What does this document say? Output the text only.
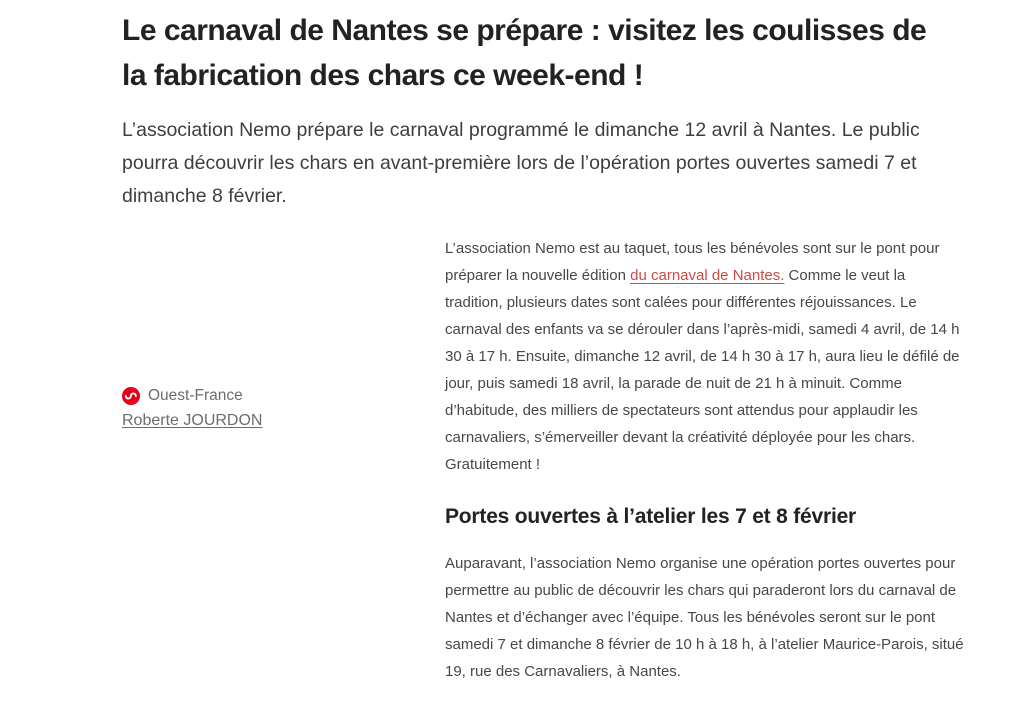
Le carnaval de Nantes se prépare : visitez les coulisses de la fabrication des chars ce week-end !

L’association Nemo prépare le carnaval programmé le dimanche 12 avril à Nantes. Le public pourra découvrir les chars en avant-première lors de l’opération portes ouvertes samedi 7 et dimanche 8 février.

Ouest-France
Roberte JOURDON

L’association Nemo est au taquet, tous les bénévoles sont sur le pont pour préparer la nouvelle édition du carnaval de Nantes. Comme le veut la tradition, plusieurs dates sont calées pour différentes réjouissances. Le carnaval des enfants va se dérouler dans l’après-midi, samedi 4 avril, de 14 h 30 à 17 h. Ensuite, dimanche 12 avril, de 14 h 30 à 17 h, aura lieu le défilé de jour, puis samedi 18 avril, la parade de nuit de 21 h à minuit. Comme d’habitude, des milliers de spectateurs sont attendus pour applaudir les carnavaliers, s’émerveiller devant la créativité déployée pour les chars. Gratuitement !

Portes ouvertes à l’atelier les 7 et 8 février

Auparavant, l’association Nemo organise une opération portes ouvertes pour permettre au public de découvrir les chars qui paraderont lors du carnaval de Nantes et d’échanger avec l’équipe. Tous les bénévoles seront sur le pont samedi 7 et dimanche 8 février de 10 h à 18 h, à l’atelier Maurice-Parois, situé 19, rue des Carnavaliers, à Nantes.
